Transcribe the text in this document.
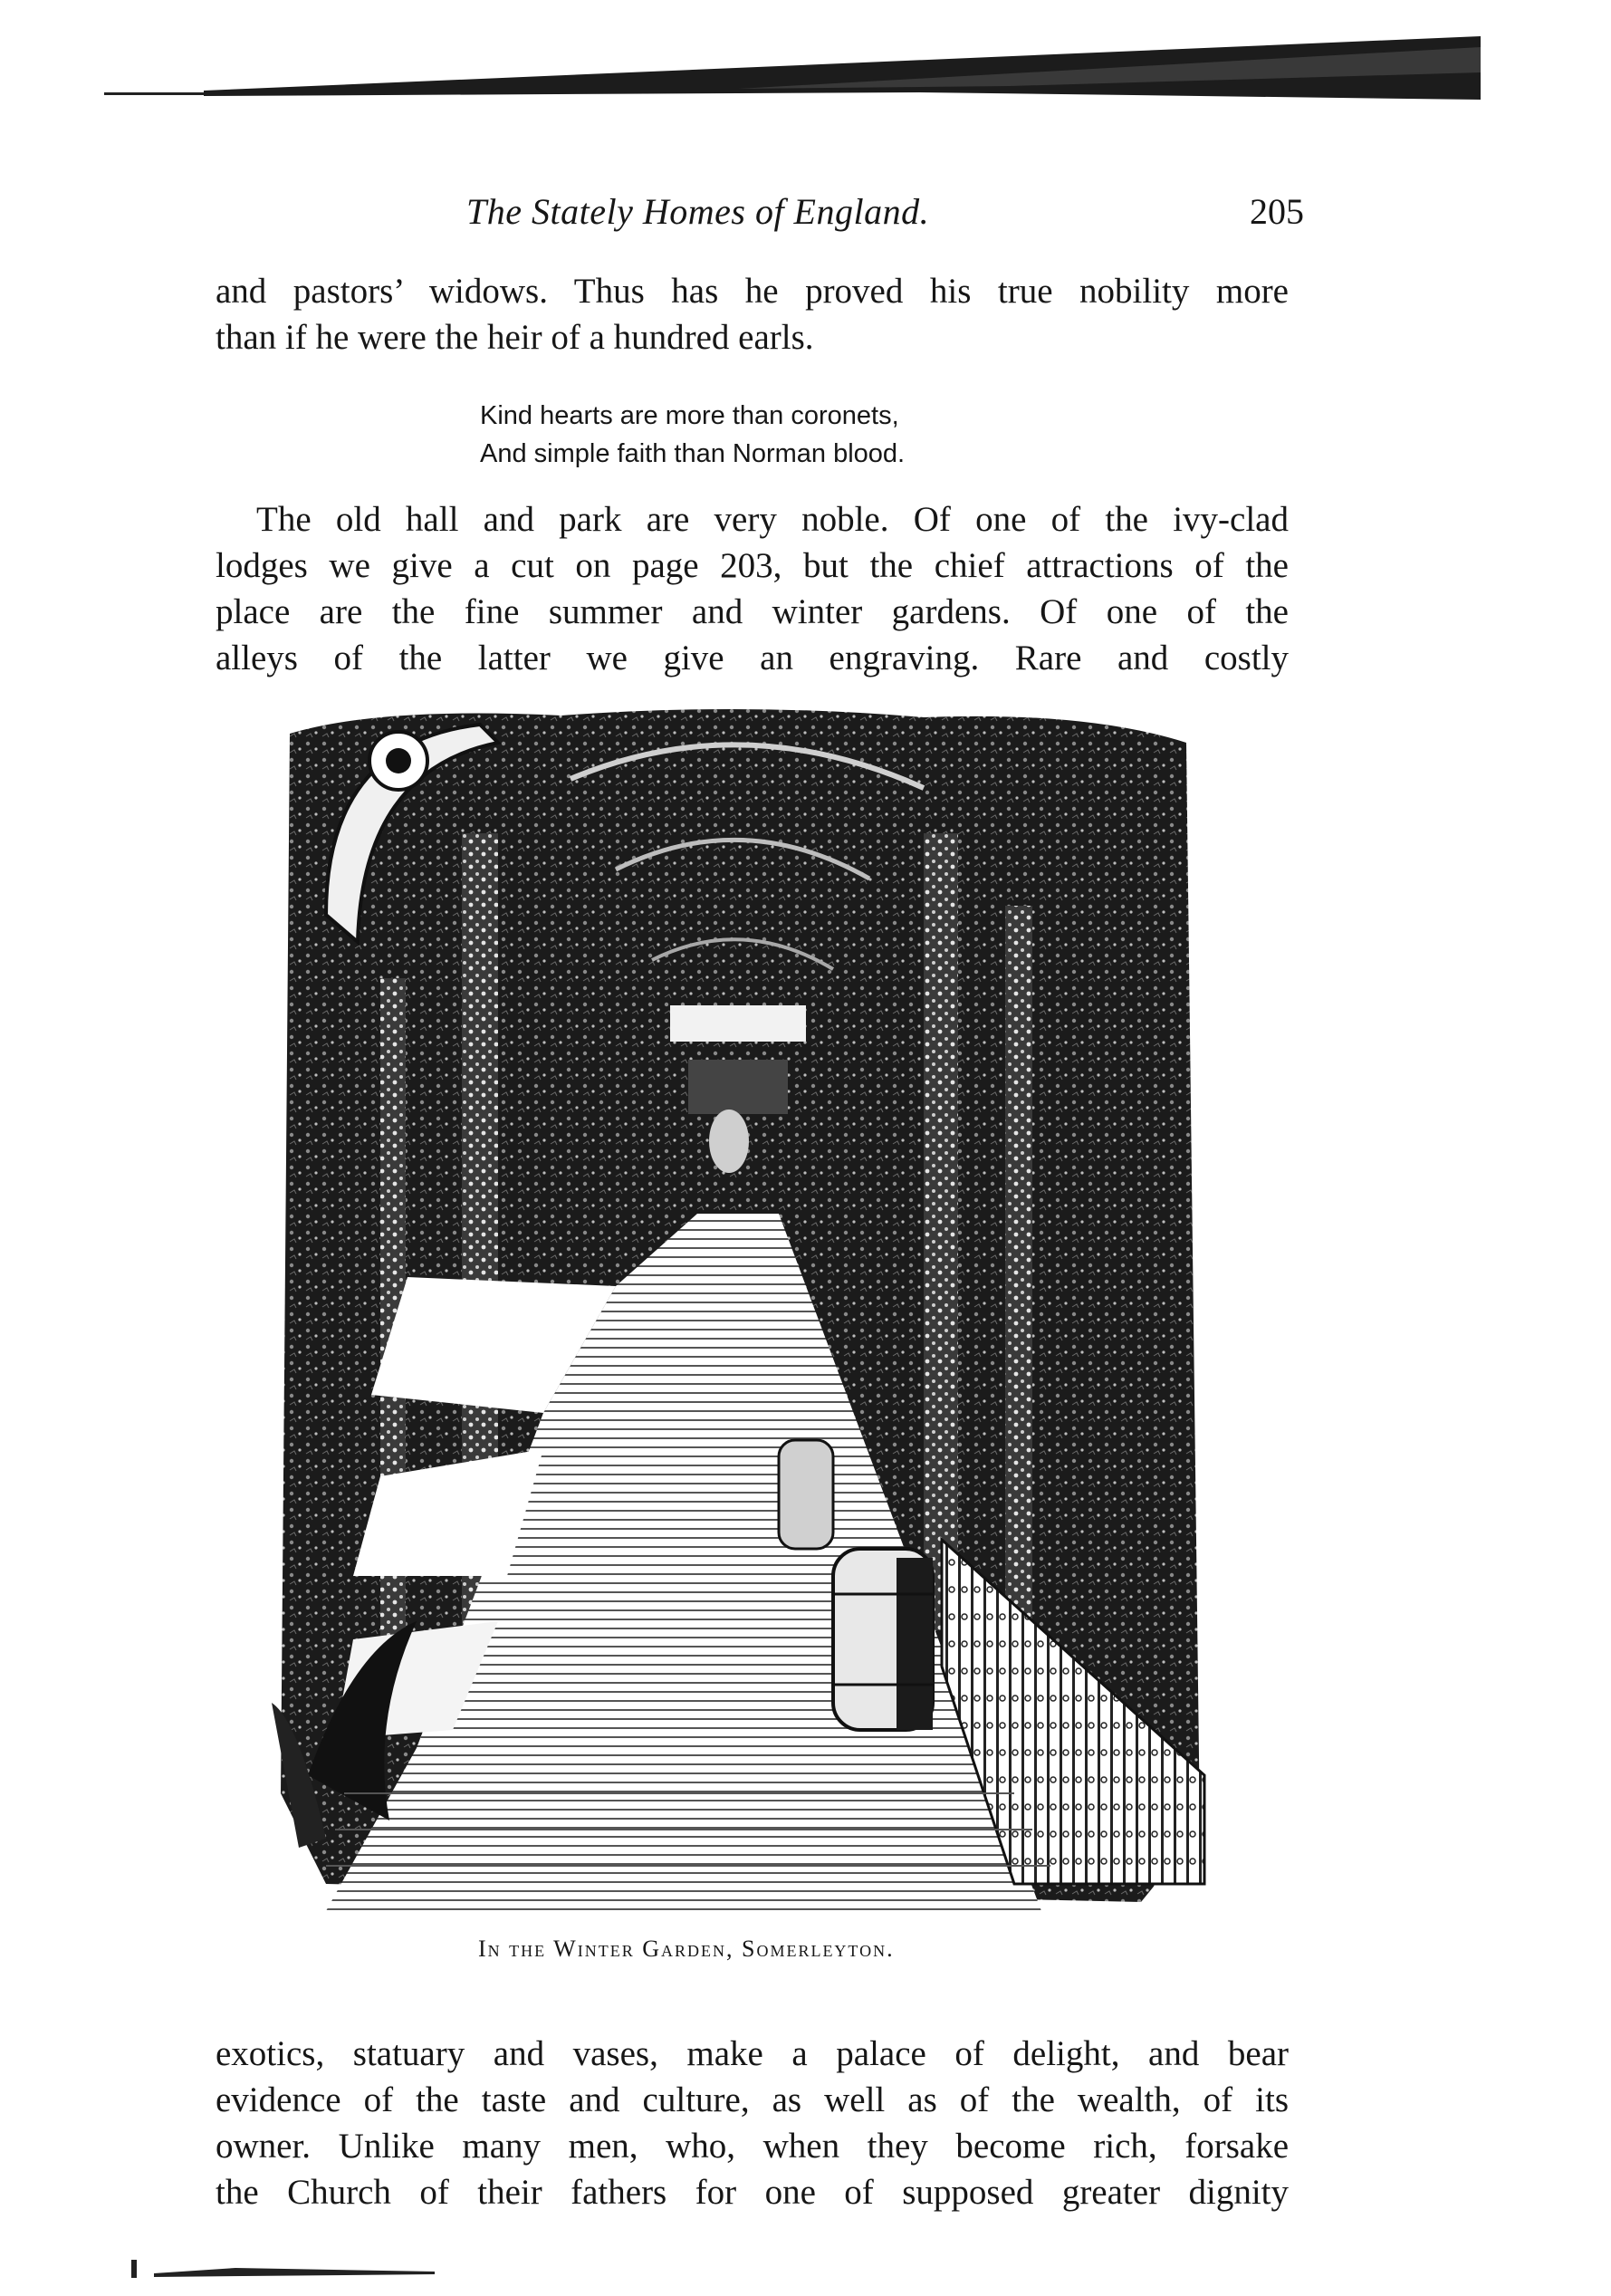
The Stately Homes of England.	205

and pastors’ widows. Thus has he proved his true nobility more
than if he were the heir of a hundred earls.

Kind hearts are more than coronets,
And simple faith than Norman blood.

The old hall and park are very noble. Of one of the ivy-clad
lodges we give a cut on page 203, but the chief attractions of the
place are the fine summer and winter gardens. Of one of the
alleys of the latter we give an engraving. Rare and costly

In the Winter Garden, Somerleyton.

exotics, statuary and vases, make a palace of delight, and bear
evidence of the taste and culture, as well as of the wealth, of its
owner. Unlike many men, who, when they become rich, forsake
the Church of their fathers for one of supposed greater dignity
